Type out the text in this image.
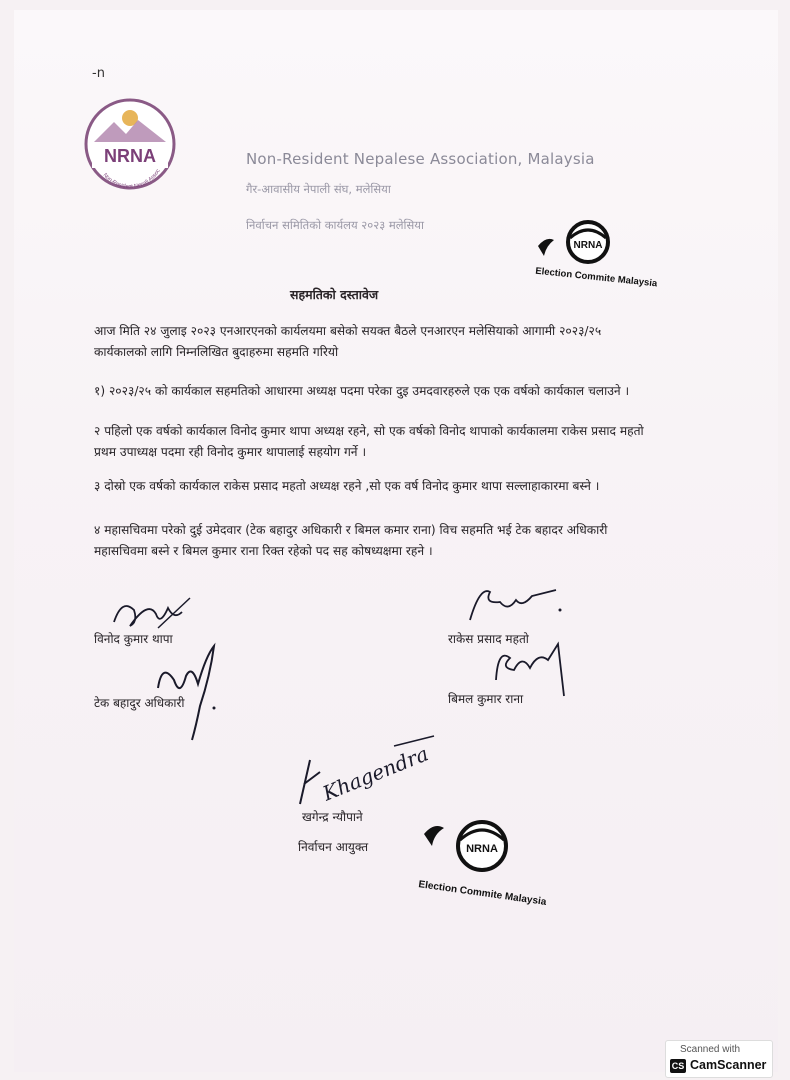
-n
NRNA
Non-Resident Nepali Assoc
Non-Resident Nepalese Association, Malaysia
गैर-आवासीय नेपाली संघ, मलेसिया
निर्वाचन समितिको कार्यलय २०२३ मलेसिया
NRNA
Election Commite Malaysia
सहमतिको दस्तावेज
आज मिति २४ जुलाइ २०२३ एनआरएनको कार्यलयमा बसेको सयक्त बैठले एनआरएन मलेसियाको आगामी २०२३/२५ कार्यकालको लागि निम्नलिखित बुदाहरुमा सहमति गरियो
१) २०२३/२५ को कार्यकाल सहमतिको आधारमा अध्यक्ष पदमा परेका दुइ उमदवारहरुले एक एक वर्षको कार्यकाल चलाउने ।
२ पहिलो एक वर्षको कार्यकाल विनोद कुमार थापा अध्यक्ष रहने, सो एक वर्षको विनोद थापाको कार्यकालमा राकेस प्रसाद महतो प्रथम उपाध्यक्ष पदमा रही विनोद कुमार थापालाई सहयोग गर्ने ।
३ दोस्रो एक वर्षको कार्यकाल राकेस प्रसाद महतो अध्यक्ष रहने ,सो एक वर्ष विनोद कुमार थापा सल्लाहाकारमा बस्ने ।
४ महासचिवमा परेको दुई उमेदवार (टेक बहादुर अधिकारी र बिमल कमार राना) विच सहमति भई टेक बहादर अधिकारी महासचिवमा बस्ने र बिमल कुमार राना रिक्त रहेको पद सह कोषध्यक्षमा रहने ।
विनोद कुमार थापा	राकेस प्रसाद महतो
टेक बहादुर अधिकारी	बिमल कुमार राना
Khagendra
खगेन्द्र न्यौपाने
निर्वाचन आयुक्त	NRNA
Election Commite Malaysia
Scanned with
CS CamScanner
